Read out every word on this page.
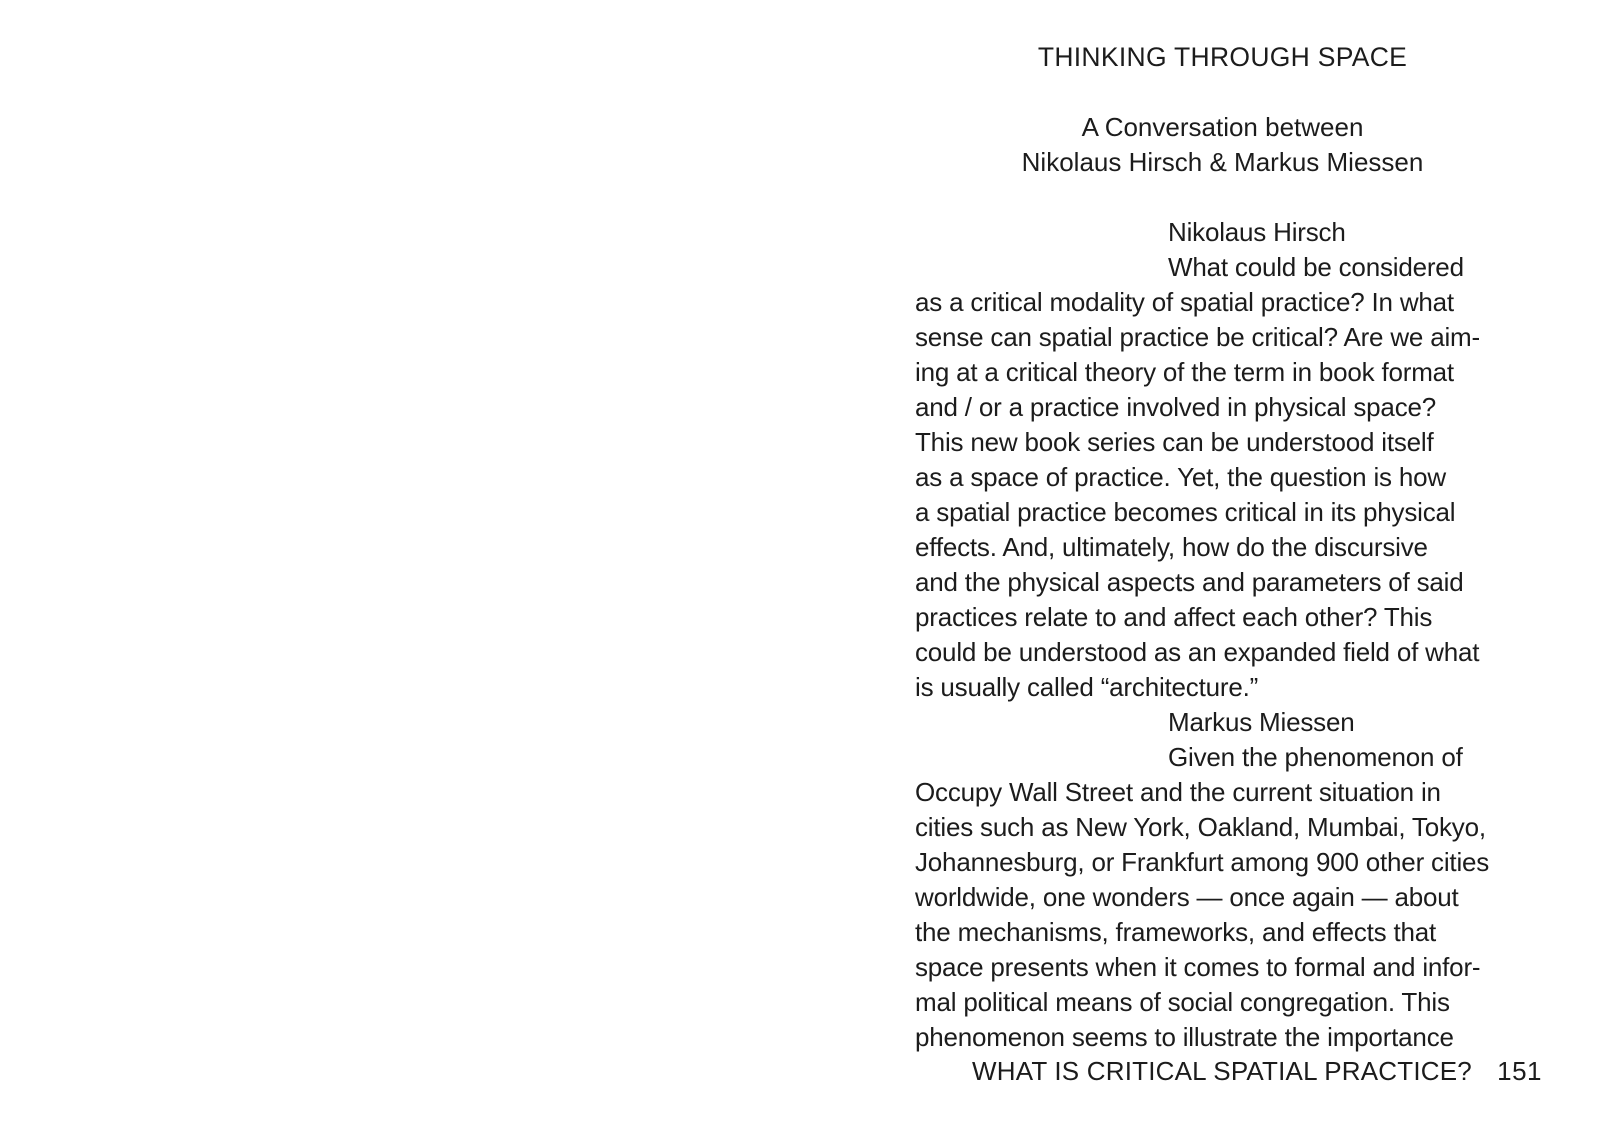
THINKING THROUGH SPACE
A Conversation between
Nikolaus Hirsch & Markus Miessen
Nikolaus Hirsch
What could be considered
as a critical modality of spatial practice? In what
sense can spatial practice be critical? Are we aim-
ing at a critical theory of the term in book format
and / or a practice involved in physical space?
This new book series can be understood itself
as a space of practice. Yet, the question is how
a spatial practice becomes critical in its physical
effects. And, ultimately, how do the discursive
and the physical aspects and parameters of said
practices relate to and affect each other? This
could be understood as an expanded field of what
is usually called “architecture.”
Markus Miessen
Given the phenomenon of
Occupy Wall Street and the current situation in
cities such as New York, Oakland, Mumbai, Tokyo,
Johannesburg, or Frankfurt among 900 other cities
worldwide, one wonders — once again — about
the mechanisms, frameworks, and effects that
space presents when it comes to formal and infor-
mal political means of social congregation. This
phenomenon seems to illustrate the importance
WHAT IS CRITICAL SPATIAL PRACTICE? 151
